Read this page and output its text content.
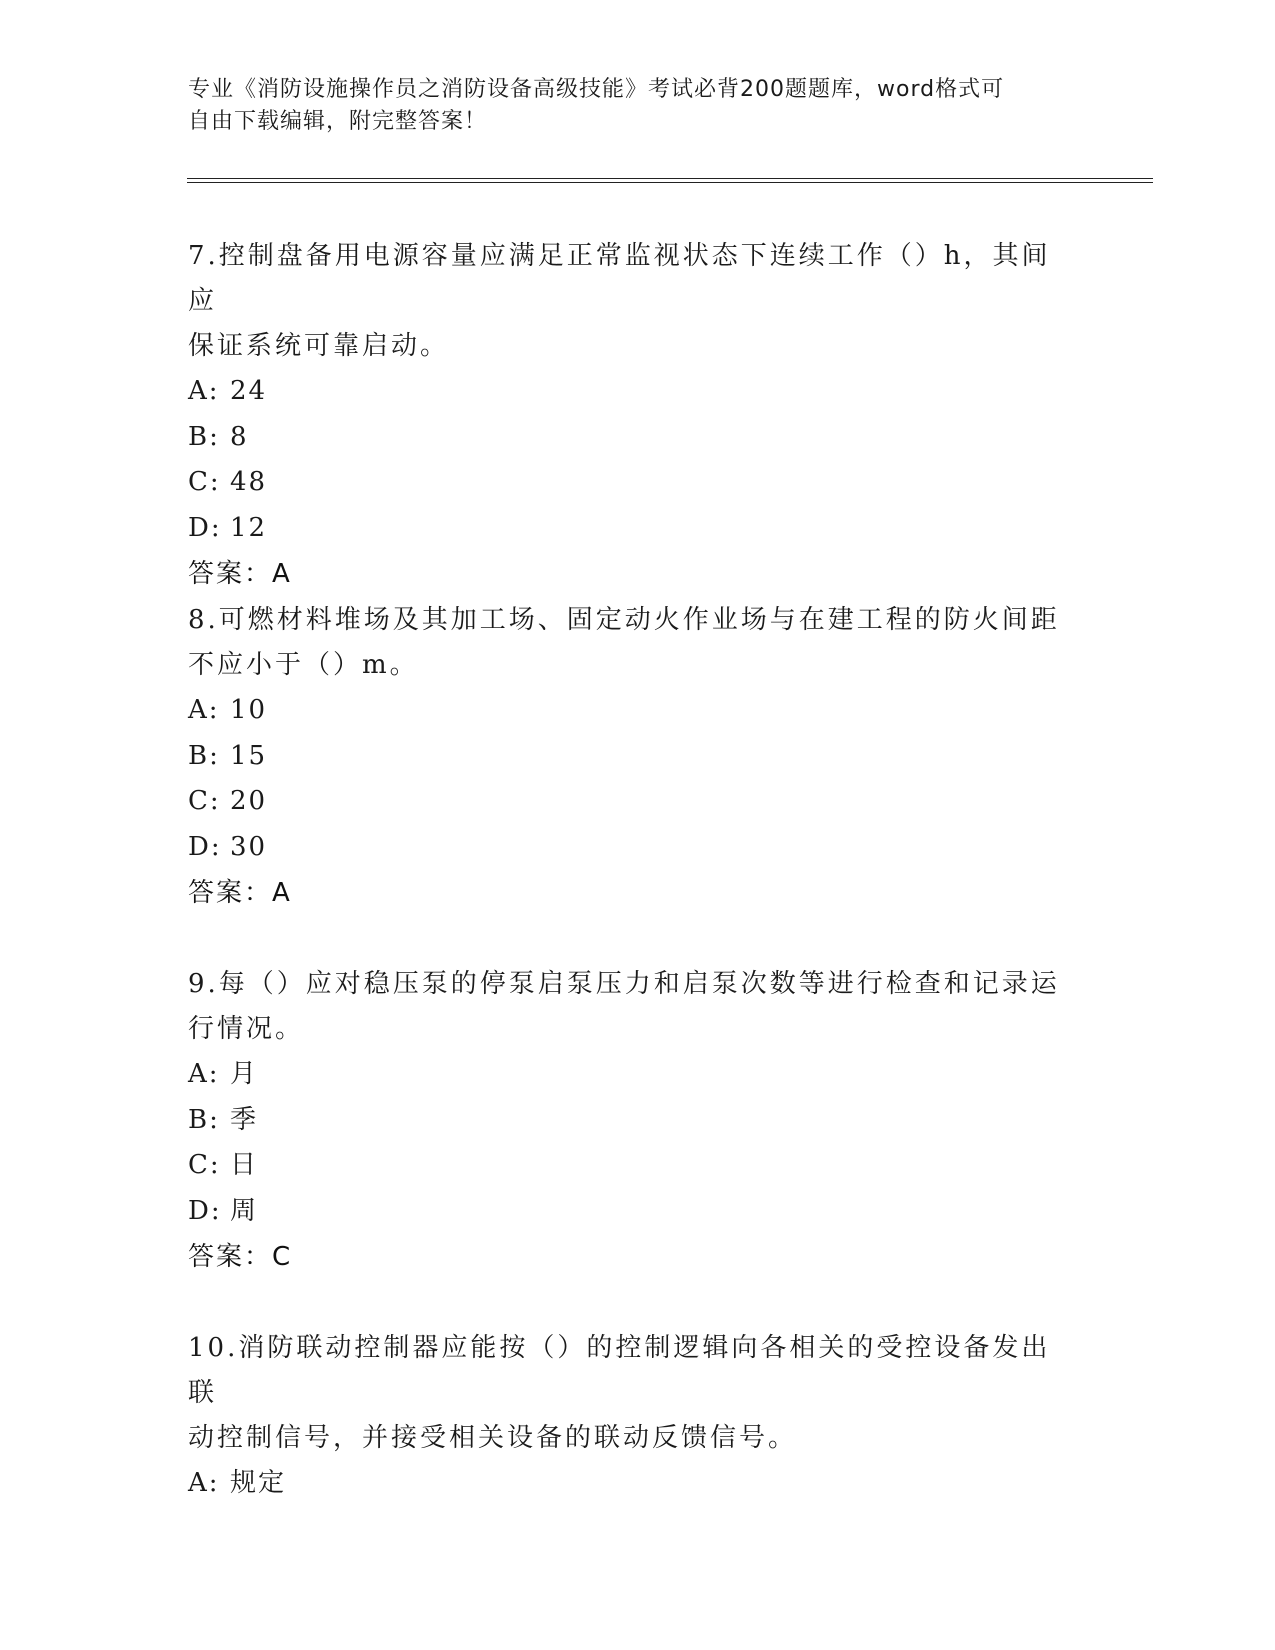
专业《消防设施操作员之消防设备高级技能》考试必背200题题库，word格式可
自由下载编辑，附完整答案！
7.控制盘备用电源容量应满足正常监视状态下连续工作（）h，其间应
保证系统可靠启动。
A: 24
B: 8
C: 48
D: 12
答案：A
8.可燃材料堆场及其加工场、固定动火作业场与在建工程的防火间距
不应小于（）m。
A: 10
B: 15
C: 20
D: 30
答案：A
9.每（）应对稳压泵的停泵启泵压力和启泵次数等进行检查和记录运
行情况。
A: 月
B: 季
C: 日
D: 周
答案：C
10.消防联动控制器应能按（）的控制逻辑向各相关的受控设备发出联
动控制信号，并接受相关设备的联动反馈信号。
A: 规定
